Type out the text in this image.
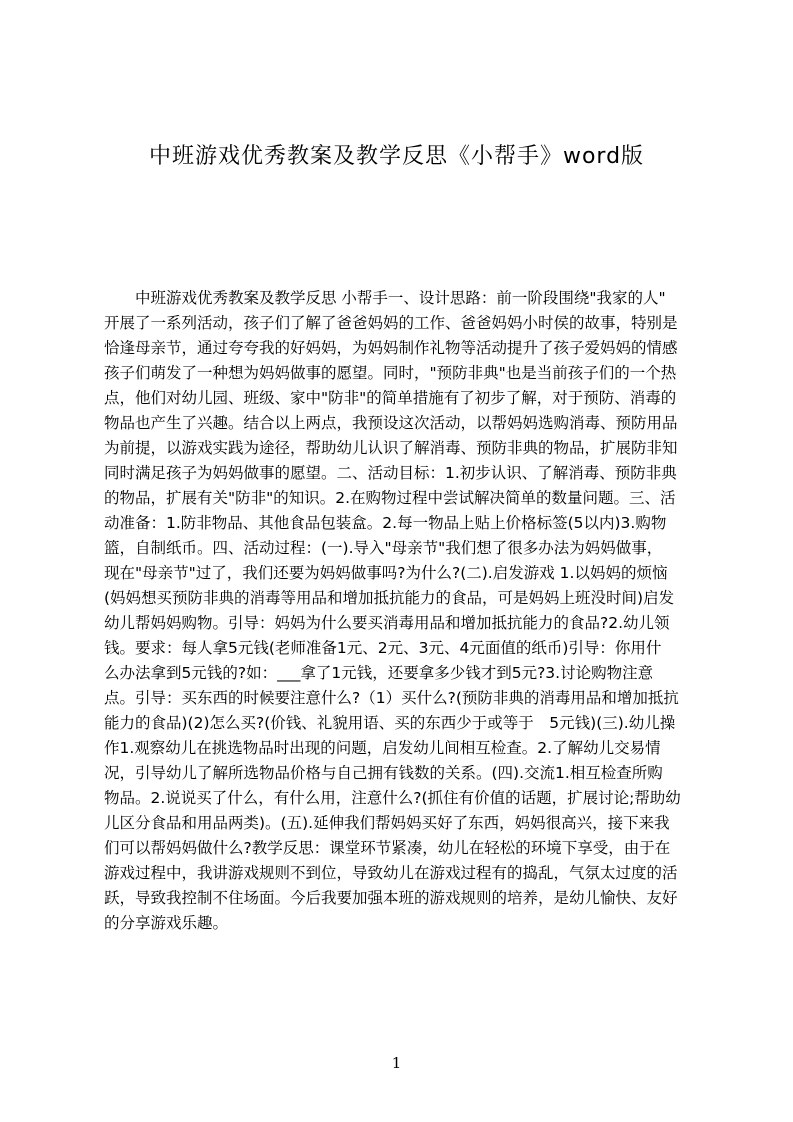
中班游戏优秀教案及教学反思《小帮手》word版
　　中班游戏优秀教案及教学反思 小帮手一、设计思路：前一阶段围绕"我家的人"
开展了一系列活动，孩子们了解了爸爸妈妈的工作、爸爸妈妈小时侯的故事，特别是
恰逢母亲节，通过夸夸我的好妈妈，为妈妈制作礼物等活动提升了孩子爱妈妈的情感
孩子们萌发了一种想为妈妈做事的愿望。同时，"预防非典"也是当前孩子们的一个热
点，他们对幼儿园、班级、家中"防非"的简单措施有了初步了解，对于预防、消毒的
物品也产生了兴趣。结合以上两点，我预设这次活动，以帮妈妈选购消毒、预防用品
为前提，以游戏实践为途径，帮助幼儿认识了解消毒、预防非典的物品，扩展防非知
同时满足孩子为妈妈做事的愿望。二、活动目标：1.初步认识、了解消毒、预防非典
的物品，扩展有关"防非"的知识。2.在购物过程中尝试解决简单的数量问题。三、活
动准备：1.防非物品、其他食品包装盒。2.每一物品上贴上价格标签(5以内)3.购物
篮，自制纸币。四、活动过程：(一).导入"母亲节"我们想了很多办法为妈妈做事，
现在"母亲节"过了，我们还要为妈妈做事吗?为什么?(二).启发游戏 1.以妈妈的烦恼
(妈妈想买预防非典的消毒等用品和增加抵抗能力的食品，可是妈妈上班没时间)启发
幼儿帮妈妈购物。引导：妈妈为什么要买消毒用品和增加抵抗能力的食品?2.幼儿领
钱。要求：每人拿5元钱(老师准备1元、2元、3元、4元面值的纸币)引导：你用什
么办法拿到5元钱的?如：___拿了1元钱，还要拿多少钱才到5元?3.讨论购物注意
点。引导：买东西的时候要注意什么?（1）买什么?(预防非典的消毒用品和增加抵抗
能力的食品)(2)怎么买?(价钱、礼貌用语、买的东西少于或等于　5元钱)(三).幼儿操
作1.观察幼儿在挑选物品时出现的问题，启发幼儿间相互检查。2.了解幼儿交易情
况，引导幼儿了解所选物品价格与自己拥有钱数的关系。(四).交流1.相互检查所购
物品。2.说说买了什么，有什么用，注意什么?(抓住有价值的话题，扩展讨论;帮助幼
儿区分食品和用品两类)。(五).延伸我们帮妈妈买好了东西，妈妈很高兴，接下来我
们可以帮妈妈做什么?教学反思：课堂环节紧凑，幼儿在轻松的环境下享受，由于在
游戏过程中，我讲游戏规则不到位，导致幼儿在游戏过程有的捣乱，气氛太过度的活
跃，导致我控制不住场面。今后我要加强本班的游戏规则的培养，是幼儿愉快、友好
的分享游戏乐趣。
1
